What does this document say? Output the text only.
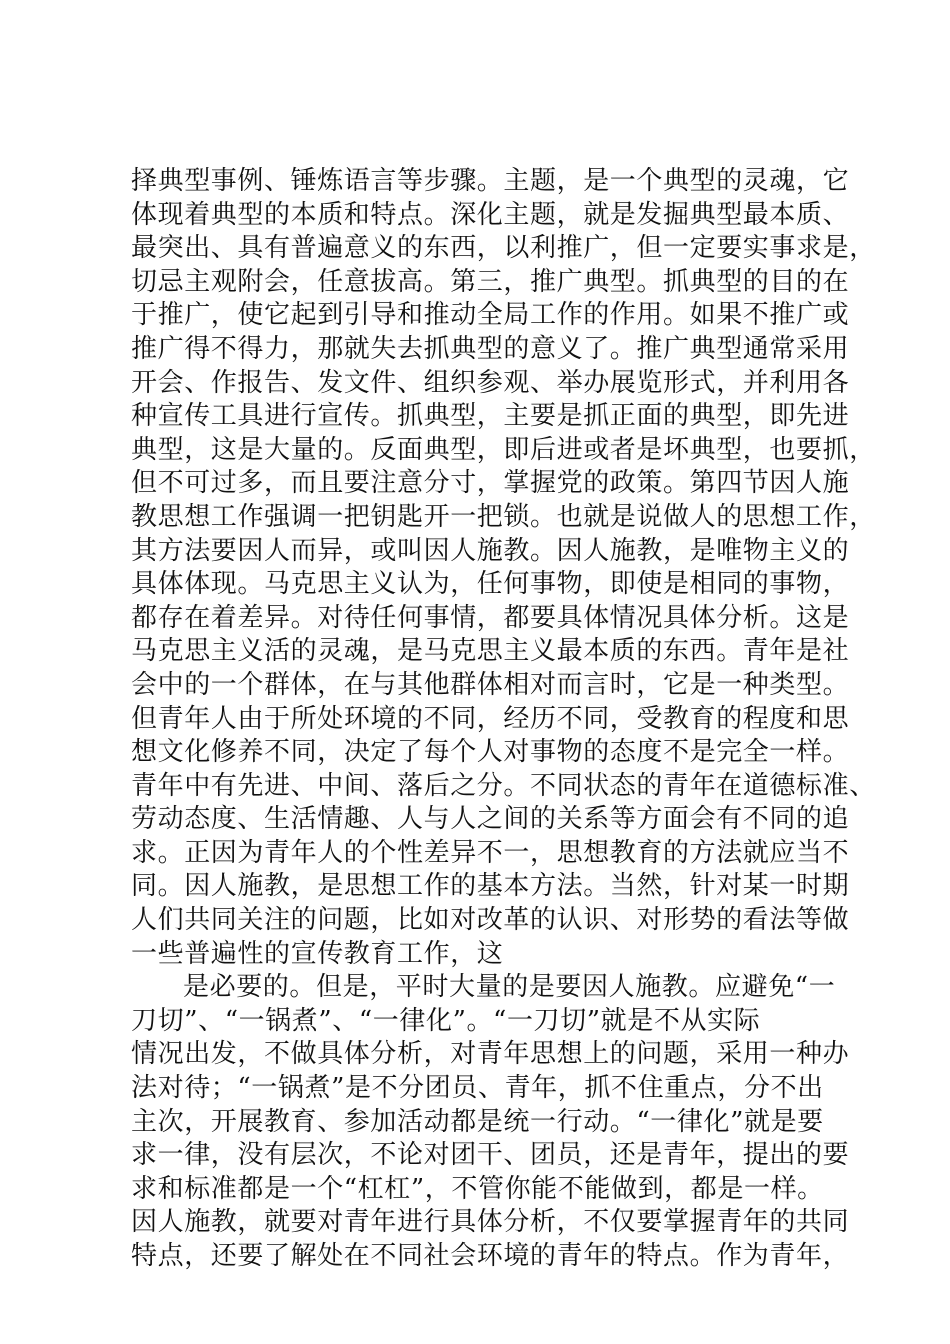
择典型事例、锤炼语言等步骤。主题，是一个典型的灵魂，它
体现着典型的本质和特点。深化主题，就是发掘典型最本质、
最突出、具有普遍意义的东西，以利推广，但一定要实事求是，
切忌主观附会，任意拔高。第三，推广典型。抓典型的目的在
于推广，使它起到引导和推动全局工作的作用。如果不推广或
推广得不得力，那就失去抓典型的意义了。推广典型通常采用
开会、作报告、发文件、组织参观、举办展览形式，并利用各
种宣传工具进行宣传。抓典型，主要是抓正面的典型，即先进
典型，这是大量的。反面典型，即后进或者是坏典型，也要抓，
但不可过多，而且要注意分寸，掌握党的政策。第四节因人施
教思想工作强调一把钥匙开一把锁。也就是说做人的思想工作，
其方法要因人而异，或叫因人施教。因人施教，是唯物主义的
具体体现。马克思主义认为，任何事物，即使是相同的事物，
都存在着差异。对待任何事情，都要具体情况具体分析。这是
马克思主义活的灵魂，是马克思主义最本质的东西。青年是社
会中的一个群体，在与其他群体相对而言时，它是一种类型。
但青年人由于所处环境的不同，经历不同，受教育的程度和思
想文化修养不同，决定了每个人对事物的态度不是完全一样。
青年中有先进、中间、落后之分。不同状态的青年在道德标准、
劳动态度、生活情趣、人与人之间的关系等方面会有不同的追
求。正因为青年人的个性差异不一，思想教育的方法就应当不
同。因人施教，是思想工作的基本方法。当然，针对某一时期
人们共同关注的问题，比如对改革的认识、对形势的看法等做
一些普遍性的宣传教育工作，这
是必要的。但是，平时大量的是要因人施教。应避免“一
刀切”、“一锅煮”、“一律化”。“一刀切”就是不从实际
情况出发，不做具体分析，对青年思想上的问题，采用一种办
法对待；“一锅煮”是不分团员、青年，抓不住重点，分不出
主次，开展教育、参加活动都是统一行动。“一律化”就是要
求一律，没有层次，不论对团干、团员，还是青年，提出的要
求和标准都是一个“杠杠”，不管你能不能做到，都是一样。
因人施教，就要对青年进行具体分析，不仅要掌握青年的共同
特点，还要了解处在不同社会环境的青年的特点。作为青年，
